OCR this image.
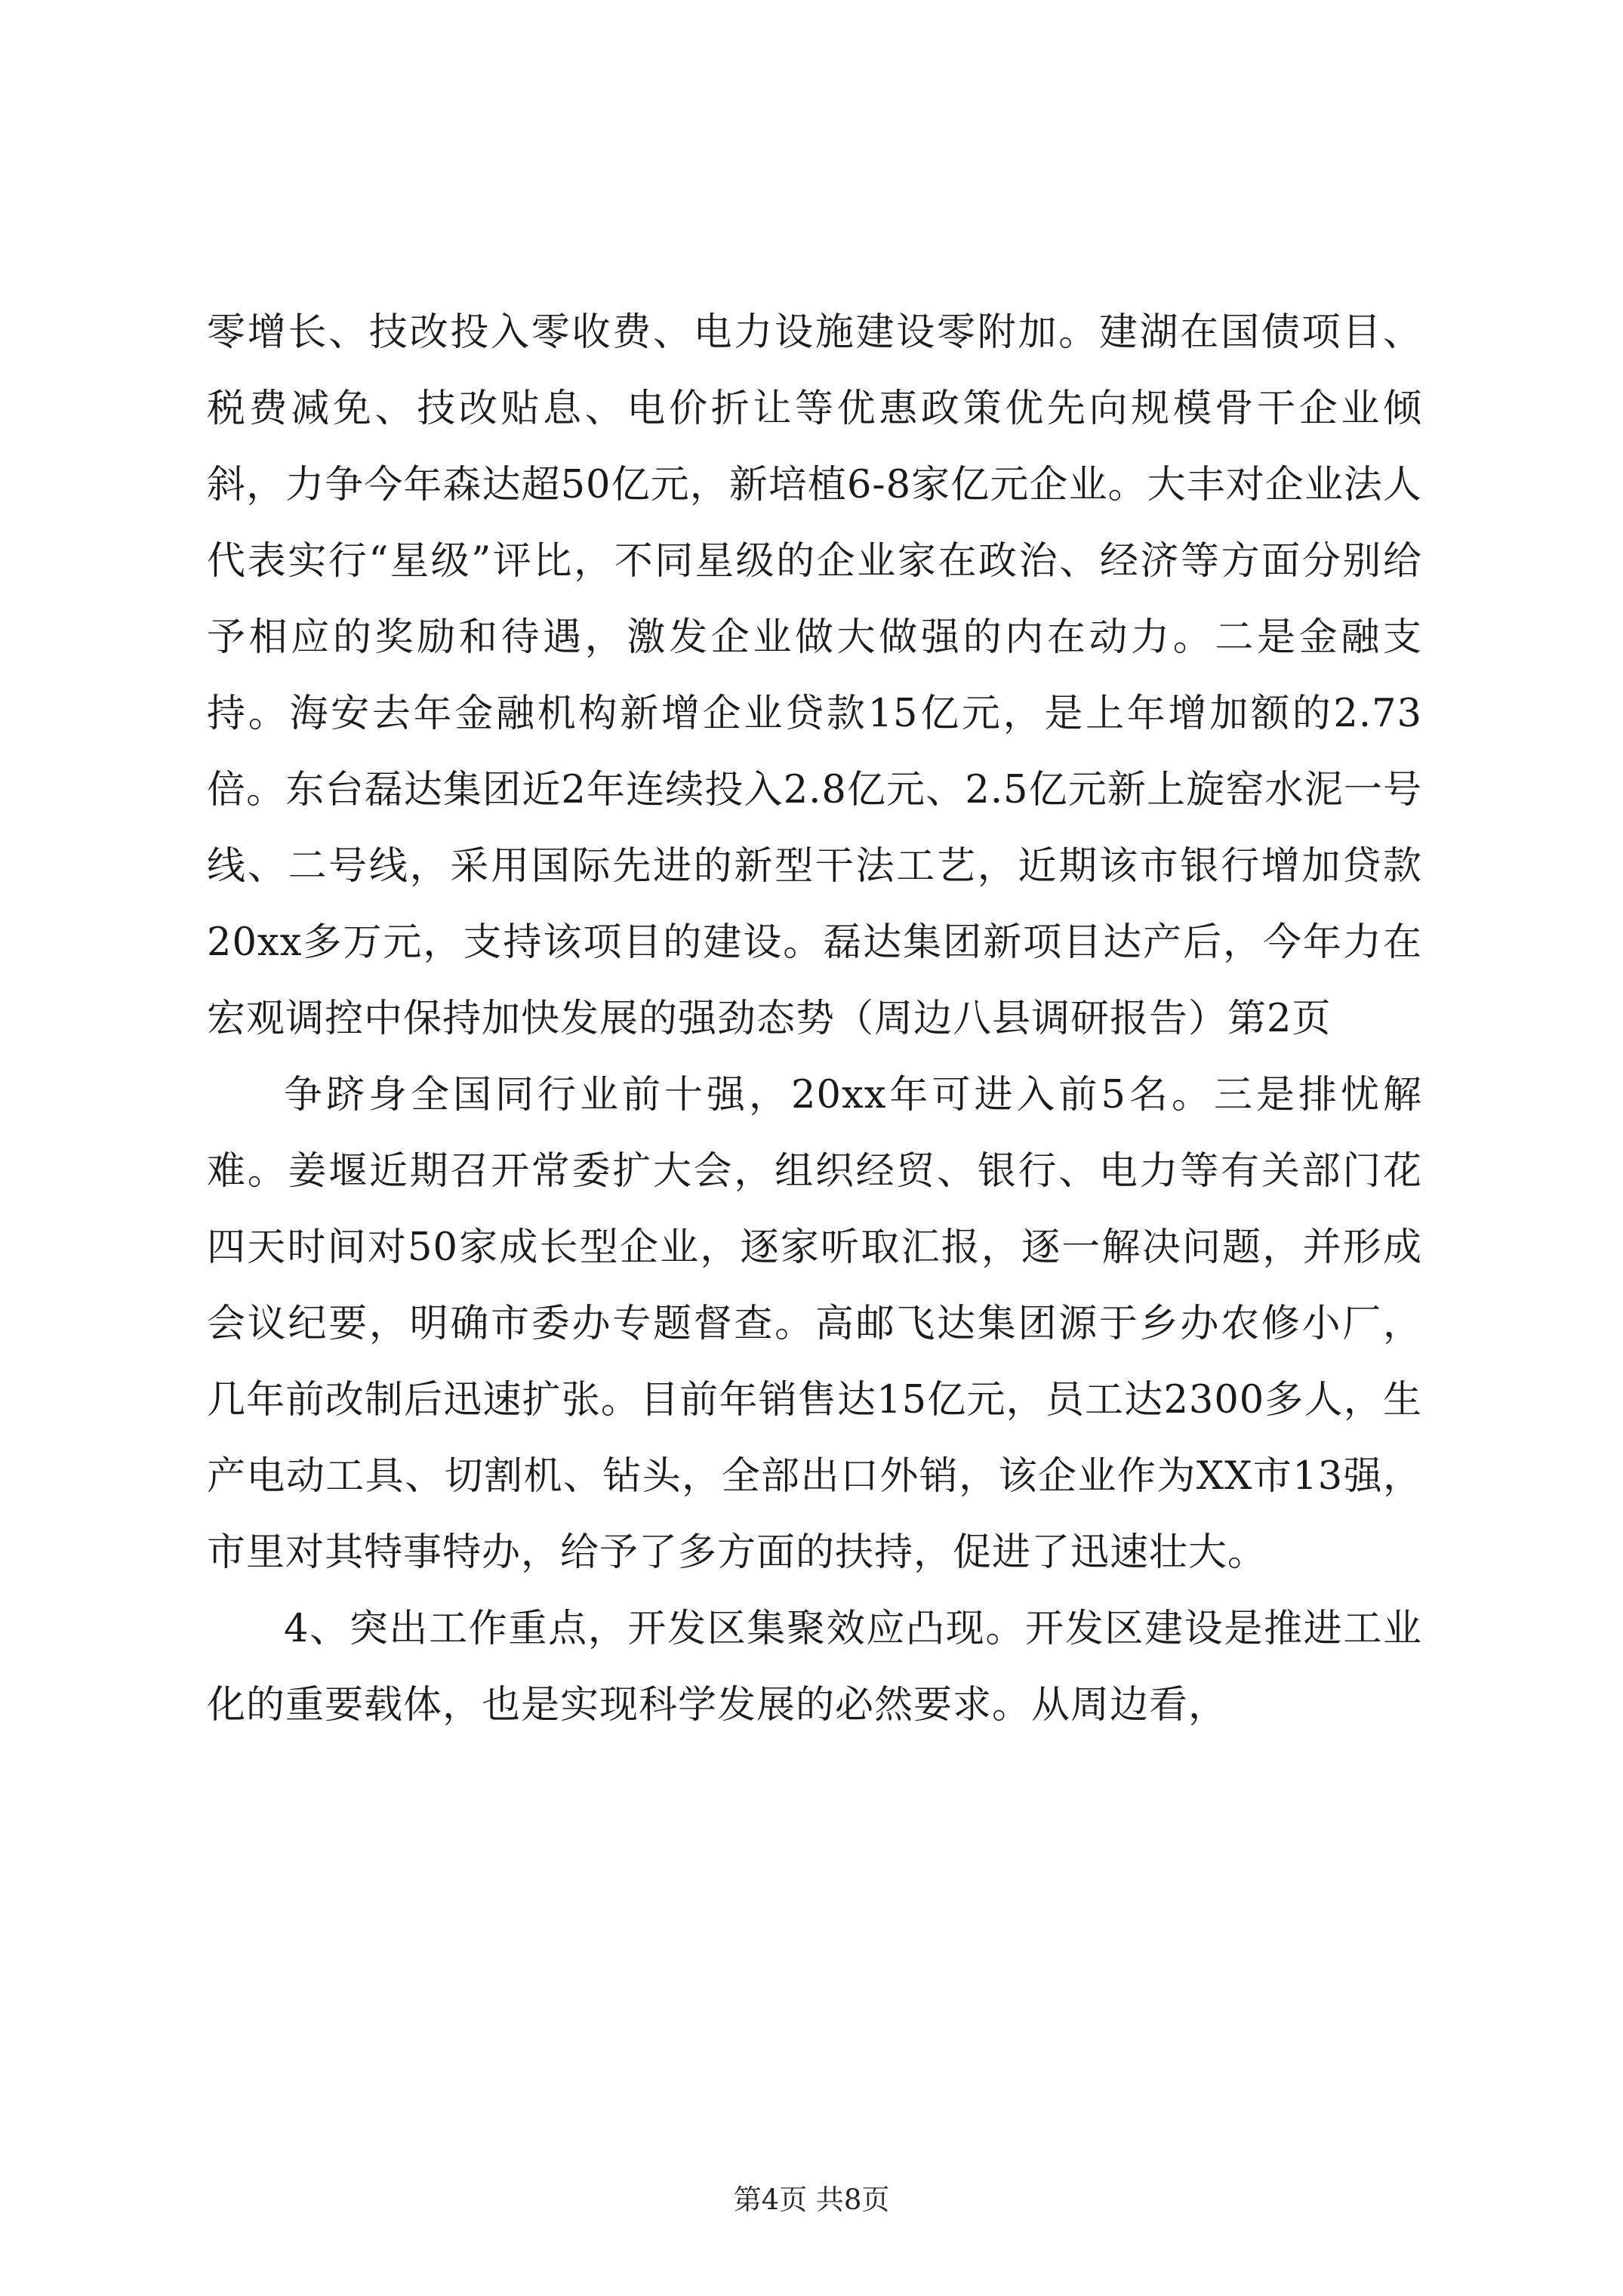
零增长、技改投入零收费、电力设施建设零附加。建湖在国债项目、税费减免、技改贴息、电价折让等优惠政策优先向规模骨干企业倾斜，力争今年森达超50亿元，新培植6-8家亿元企业。大丰对企业法人代表实行“星级”评比，不同星级的企业家在政治、经济等方面分别给予相应的奖励和待遇，激发企业做大做强的内在动力。二是金融支持。海安去年金融机构新增企业贷款15亿元，是上年增加额的2.73倍。东台磊达集团近2年连续投入2.8亿元、2.5亿元新上旋窑水泥一号线、二号线，采用国际先进的新型干法工艺，近期该市银行增加贷款20xx多万元，支持该项目的建设。磊达集团新项目达产后，今年力在宏观调控中保持加快发展的强劲态势（周边八县调研报告）第2页

争跻身全国同行业前十强，20xx年可进入前5名。三是排忧解难。姜堰近期召开常委扩大会，组织经贸、银行、电力等有关部门花四天时间对50家成长型企业，逐家听取汇报，逐一解决问题，并形成会议纪要，明确市委办专题督查。高邮飞达集团源于乡办农修小厂，几年前改制后迅速扩张。目前年销售达15亿元，员工达2300多人，生产电动工具、切割机、钻头，全部出口外销，该企业作为XX市13强，市里对其特事特办，给予了多方面的扶持，促进了迅速壮大。

4、突出工作重点，开发区集聚效应凸现。开发区建设是推进工业化的重要载体，也是实现科学发展的必然要求。从周边看，

第4页 共8页
